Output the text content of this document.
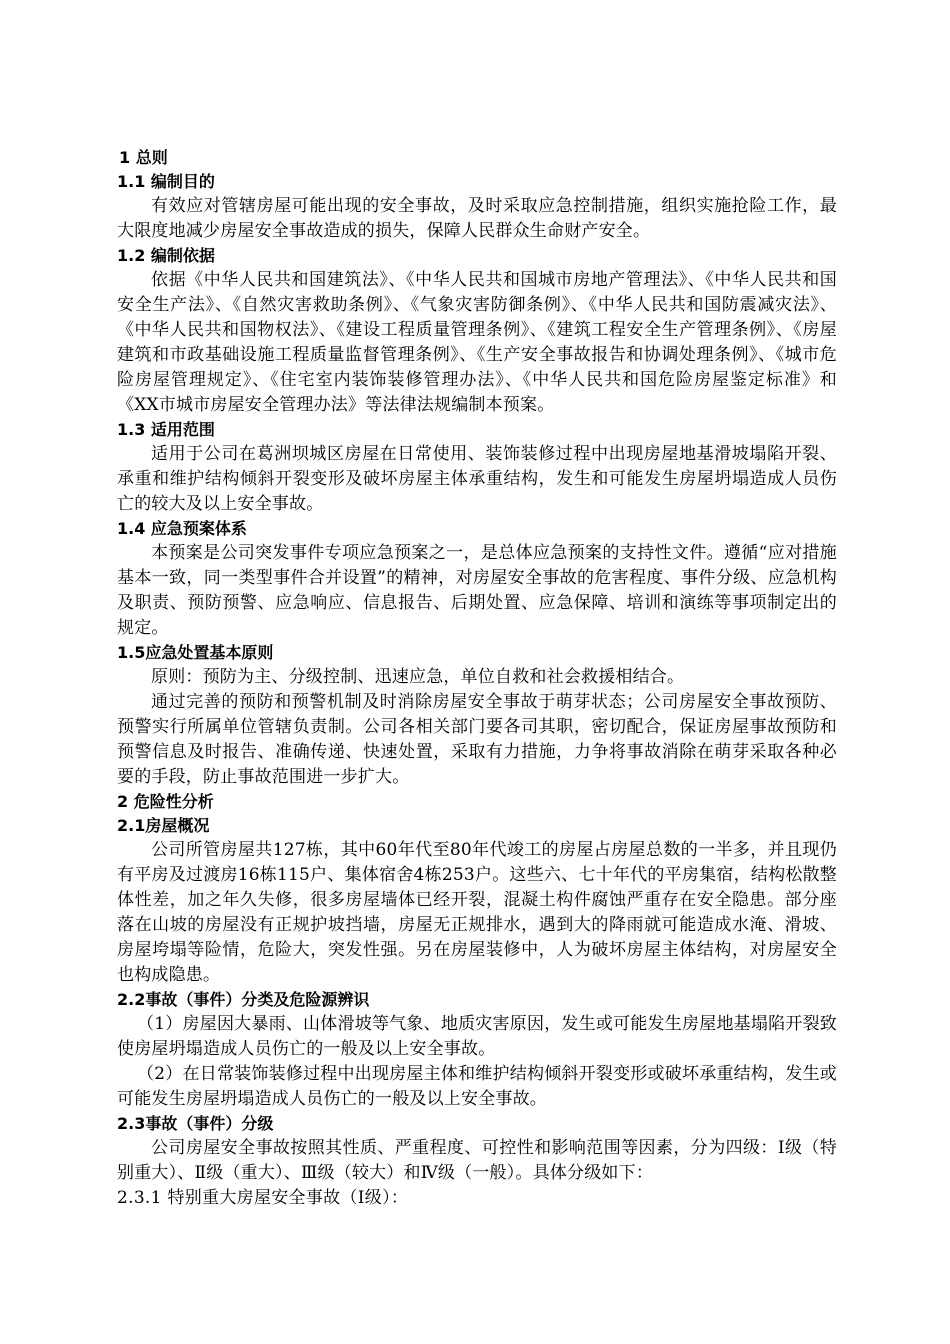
1 总则
1.1 编制目的

有效应对管辖房屋可能出现的安全事故，及时采取应急控制措施，组织实施抢险工作，最大限度地减少房屋安全事故造成的损失，保障人民群众生命财产安全。

1.2 编制依据

依据《中华人民共和国建筑法》、《中华人民共和国城市房地产管理法》、《中华人民共和国安全生产法》、《自然灾害救助条例》、《气象灾害防御条例》、《中华人民共和国防震减灾法》、《中华人民共和国物权法》、《建设工程质量管理条例》、《建筑工程安全生产管理条例》、《房屋建筑和市政基础设施工程质量监督管理条例》、《生产安全事故报告和协调处理条例》、《城市危险房屋管理规定》、《住宅室内装饰装修管理办法》、《中华人民共和国危险房屋鉴定标准》和《XX市城市房屋安全管理办法》等法律法规编制本预案。

1.3 适用范围

适用于公司在葛洲坝城区房屋在日常使用、装饰装修过程中出现房屋地基滑坡塌陷开裂、承重和维护结构倾斜开裂变形及破坏房屋主体承重结构，发生和可能发生房屋坍塌造成人员伤亡的较大及以上安全事故。

1.4 应急预案体系

本预案是公司突发事件专项应急预案之一，是总体应急预案的支持性文件。遵循“应对措施基本一致，同一类型事件合并设置”的精神，对房屋安全事故的危害程度、事件分级、应急机构及职责、预防预警、应急响应、信息报告、后期处置、应急保障、培训和演练等事项制定出的规定。

1.5应急处置基本原则

原则：预防为主、分级控制、迅速应急，单位自救和社会救援相结合。

通过完善的预防和预警机制及时消除房屋安全事故于萌芽状态；公司房屋安全事故预防、预警实行所属单位管辖负责制。公司各相关部门要各司其职，密切配合，保证房屋事故预防和预警信息及时报告、准确传递、快速处置，采取有力措施，力争将事故消除在萌芽采取各种必要的手段，防止事故范围进一步扩大。

2 危险性分析
2.1房屋概况

公司所管房屋共127栋，其中60年代至80年代竣工的房屋占房屋总数的一半多，并且现仍有平房及过渡房16栋115户、集体宿舍4栋253户。这些六、七十年代的平房集宿，结构松散整体性差，加之年久失修，很多房屋墙体已经开裂，混凝土构件腐蚀严重存在安全隐患。部分座落在山坡的房屋没有正规护坡挡墙，房屋无正规排水，遇到大的降雨就可能造成水淹、滑坡、房屋垮塌等险情，危险大，突发性强。另在房屋装修中，人为破坏房屋主体结构，对房屋安全也构成隐患。

2.2事故（事件）分类及危险源辨识

（1）房屋因大暴雨、山体滑坡等气象、地质灾害原因，发生或可能发生房屋地基塌陷开裂致使房屋坍塌造成人员伤亡的一般及以上安全事故。

（2）在日常装饰装修过程中出现房屋主体和维护结构倾斜开裂变形或破坏承重结构，发生或可能发生房屋坍塌造成人员伤亡的一般及以上安全事故。

2.3事故（事件）分级

公司房屋安全事故按照其性质、严重程度、可控性和影响范围等因素，分为四级：Ⅰ级（特别重大）、Ⅱ级（重大）、Ⅲ级（较大）和Ⅳ级（一般）。具体分级如下：

2.3.1 特别重大房屋安全事故（Ⅰ级）：
